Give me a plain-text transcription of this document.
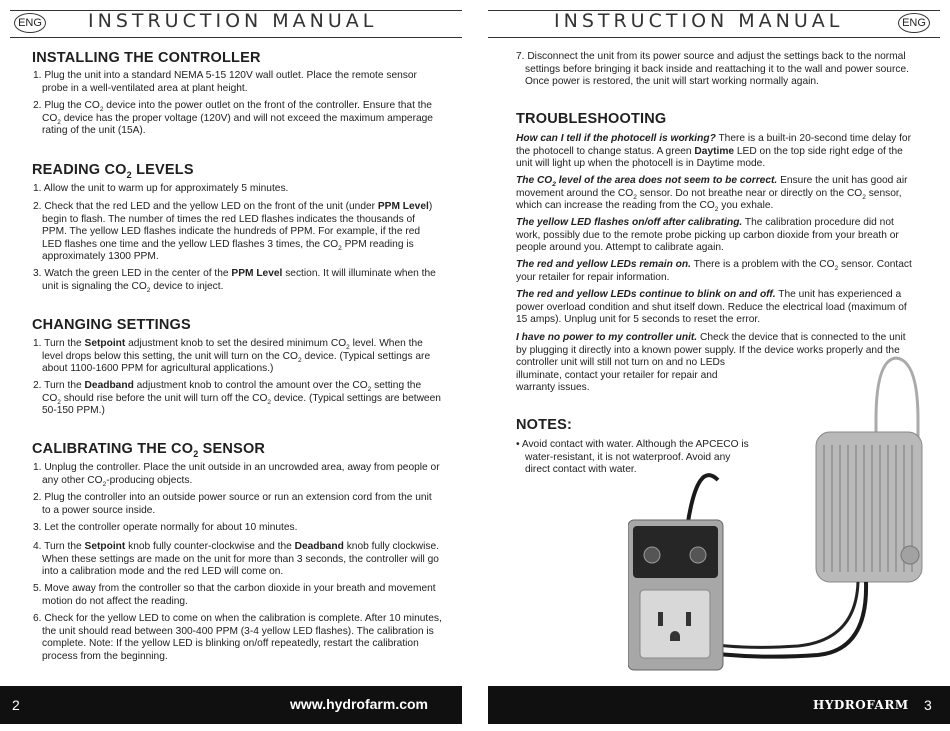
ENG INSTRUCTION MANUAL
INSTALLING THE CONTROLLER
1. Plug the unit into a standard NEMA 5-15 120V wall outlet. Place the remote sensor probe in a well-ventilated area at plant height.
2. Plug the $CO_2$ device into the power outlet on the front of the controller. Ensure that the $CO_2$ device has the proper voltage (120V) and will not exceed the maximum amperage rating of the unit (15A).
READING $CO_2$ LEVELS
1. Allow the unit to warm up for approximately 5 minutes.
2. Check that the red LED and the yellow LED on the front of the unit (under PPM Level) begin to flash. The number of times the red LED flashes indicates the thousands of PPM. The yellow LED flashes indicate the hundreds of PPM. For example, if the red LED flashes one time and the yellow LED flashes 3 times, the $CO_2$ PPM reading is approximately 1300 PPM.
3. Watch the green LED in the center of the PPM Level section. It will illuminate when the unit is signaling the $CO_2$ device to inject.
CHANGING SETTINGS
1. Turn the Setpoint adjustment knob to set the desired minimum $CO_2$ level. When the level drops below this setting, the unit will turn on the $CO_2$ device. (Typical settings are about 1100-1600 PPM for agricultural applications.)
2. Turn the Deadband adjustment knob to control the amount over the $CO_2$ setting the $CO_2$ should rise before the unit will turn off the $CO_2$ device. (Typical settings are between 50-150 PPM.)
CALIBRATING THE $CO_2$ SENSOR
1. Unplug the controller. Place the unit outside in an uncrowded area, away from people or any other $CO_2$-producing objects.
2. Plug the controller into an outside power source or run an extension cord from the unit to a power source inside.
3. Let the controller operate normally for about 10 minutes.
4. Turn the Setpoint knob fully counter-clockwise and the Deadband knob fully clockwise. When these settings are made on the unit for more than 3 seconds, the controller will go into a calibration mode and the red LED will come on.
5. Move away from the controller so that the carbon dioxide in your breath and movement motion do not affect the reading.
6. Check for the yellow LED to come on when the calibration is complete. After 10 minutes, the unit should read between 300-400 PPM (3-4 yellow LED flashes). The calibration is complete. Note: If the yellow LED is blinking on/off repeatedly, restart the calibration process from the beginning.
2	www.hydrofarm.com
INSTRUCTION MANUAL	ENG
7. Disconnect the unit from its power source and adjust the settings back to the normal settings before bringing it back inside and reattaching it to the wall and power source. Once power is restored, the unit will start working normally again.
TROUBLESHOOTING
How can I tell if the photocell is working? There is a built-in 20-second time delay for the photocell to change status. A green Daytime LED on the top side right edge of the unit will light up when the photocell is in Daytime mode.
The $CO_2$ level of the area does not seem to be correct. Ensure the unit has good air movement around the $CO_2$ sensor. Do not breathe near or directly on the $CO_2$ sensor, which can increase the reading from the $CO_2$ you exhale.
The yellow LED flashes on/off after calibrating. The calibration procedure did not work, possibly due to the remote probe picking up carbon dioxide from your breath or people around you. Attempt to calibrate again.
The red and yellow LEDs remain on. There is a problem with the $CO_2$ sensor. Contact your retailer for repair information.
The red and yellow LEDs continue to blink on and off. The unit has experienced a power overload condition and shut itself down. Reduce the electrical load (maximum of 15 amps). Unplug unit for 5 seconds to reset the error.
I have no power to my controller unit. Check the device that is connected to the unit by plugging it directly into a known power supply. If the device works properly and the controller unit will still not turn on and no LEDs
illuminate, contact your retailer for repair and
warranty issues.
NOTES:
• Avoid contact with water. Although the APCECO is water-resistant, it is not waterproof. Avoid any direct contact with water.
HYDROFARM 3
